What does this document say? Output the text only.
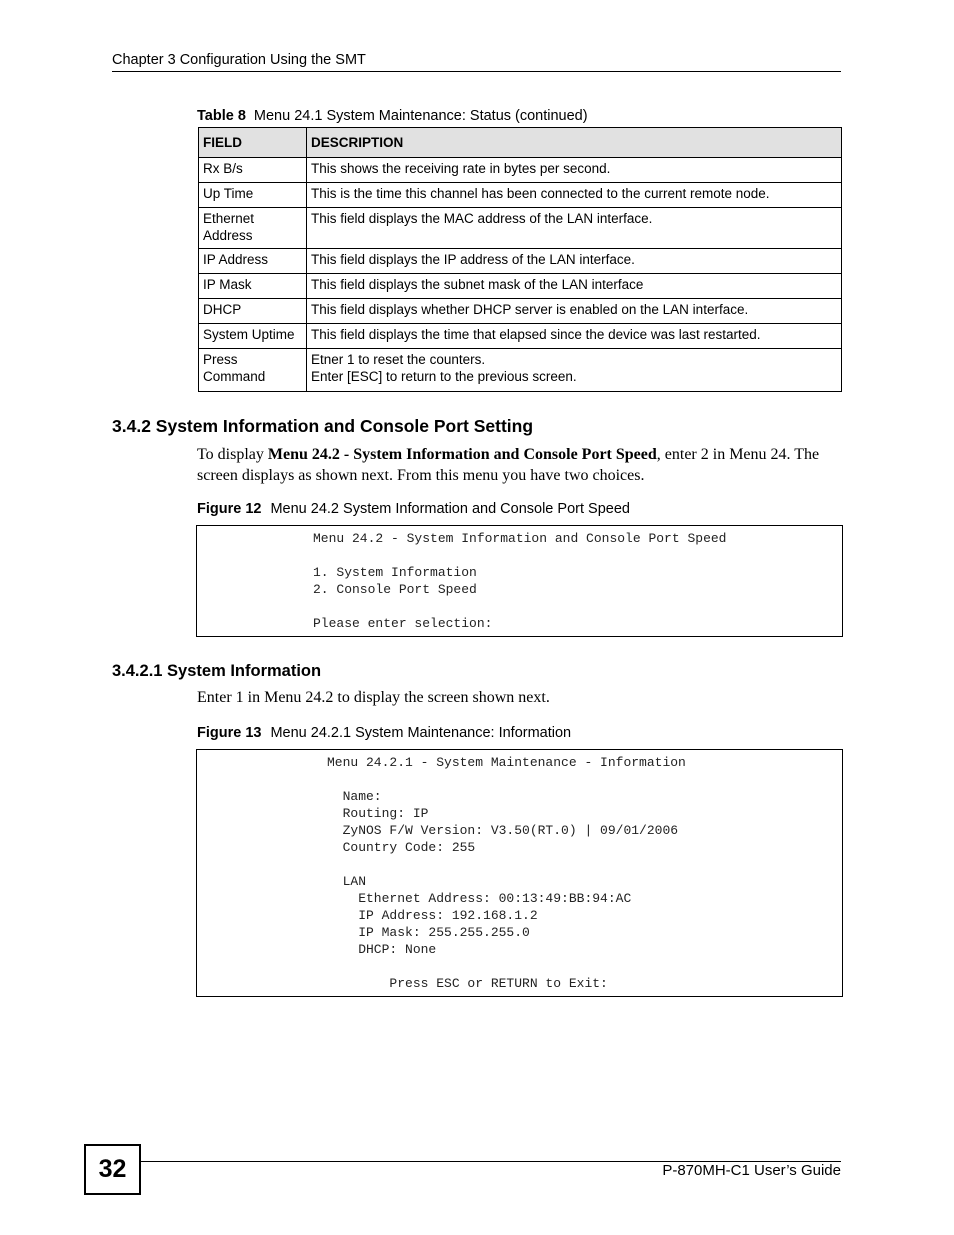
Chapter 3 Configuration Using the SMT
Table 8 Menu 24.1 System Maintenance: Status (continued)
FIELD	DESCRIPTION
Rx B/s	This shows the receiving rate in bytes per second.
Up Time	This is the time this channel has been connected to the current remote node.
Ethernet
Address	This field displays the MAC address of the LAN interface.
IP Address	This field displays the IP address of the LAN interface.
IP Mask	This field displays the subnet mask of the LAN interface
DHCP	This field displays whether DHCP server is enabled on the LAN interface.
System Uptime	This field displays the time that elapsed since the device was last restarted.
Press Command	Etner 1 to reset the counters.
Enter [ESC] to return to the previous screen.
3.4.2 System Information and Console Port Setting
To display Menu 24.2 - System Information and Console Port Speed, enter 2 in Menu 24. The screen displays as shown next. From this menu you have two choices.
Figure 12 Menu 24.2 System Information and Console Port Speed
Menu 24.2 - System Information and Console Port Speed

1. System Information
2. Console Port Speed

Please enter selection:
3.4.2.1 System Information
Enter 1 in Menu 24.2 to display the screen shown next.
Figure 13 Menu 24.2.1 System Maintenance: Information
Menu 24.2.1 - System Maintenance - Information

Name:
Routing: IP
ZyNOS F/W Version: V3.50(RT.0) | 09/01/2006
Country Code: 255

LAN
Ethernet Address: 00:13:49:BB:94:AC
IP Address: 192.168.1.2
IP Mask: 255.255.255.0
DHCP: None

Press ESC or RETURN to Exit:
32	P-870MH-C1 User’s Guide
